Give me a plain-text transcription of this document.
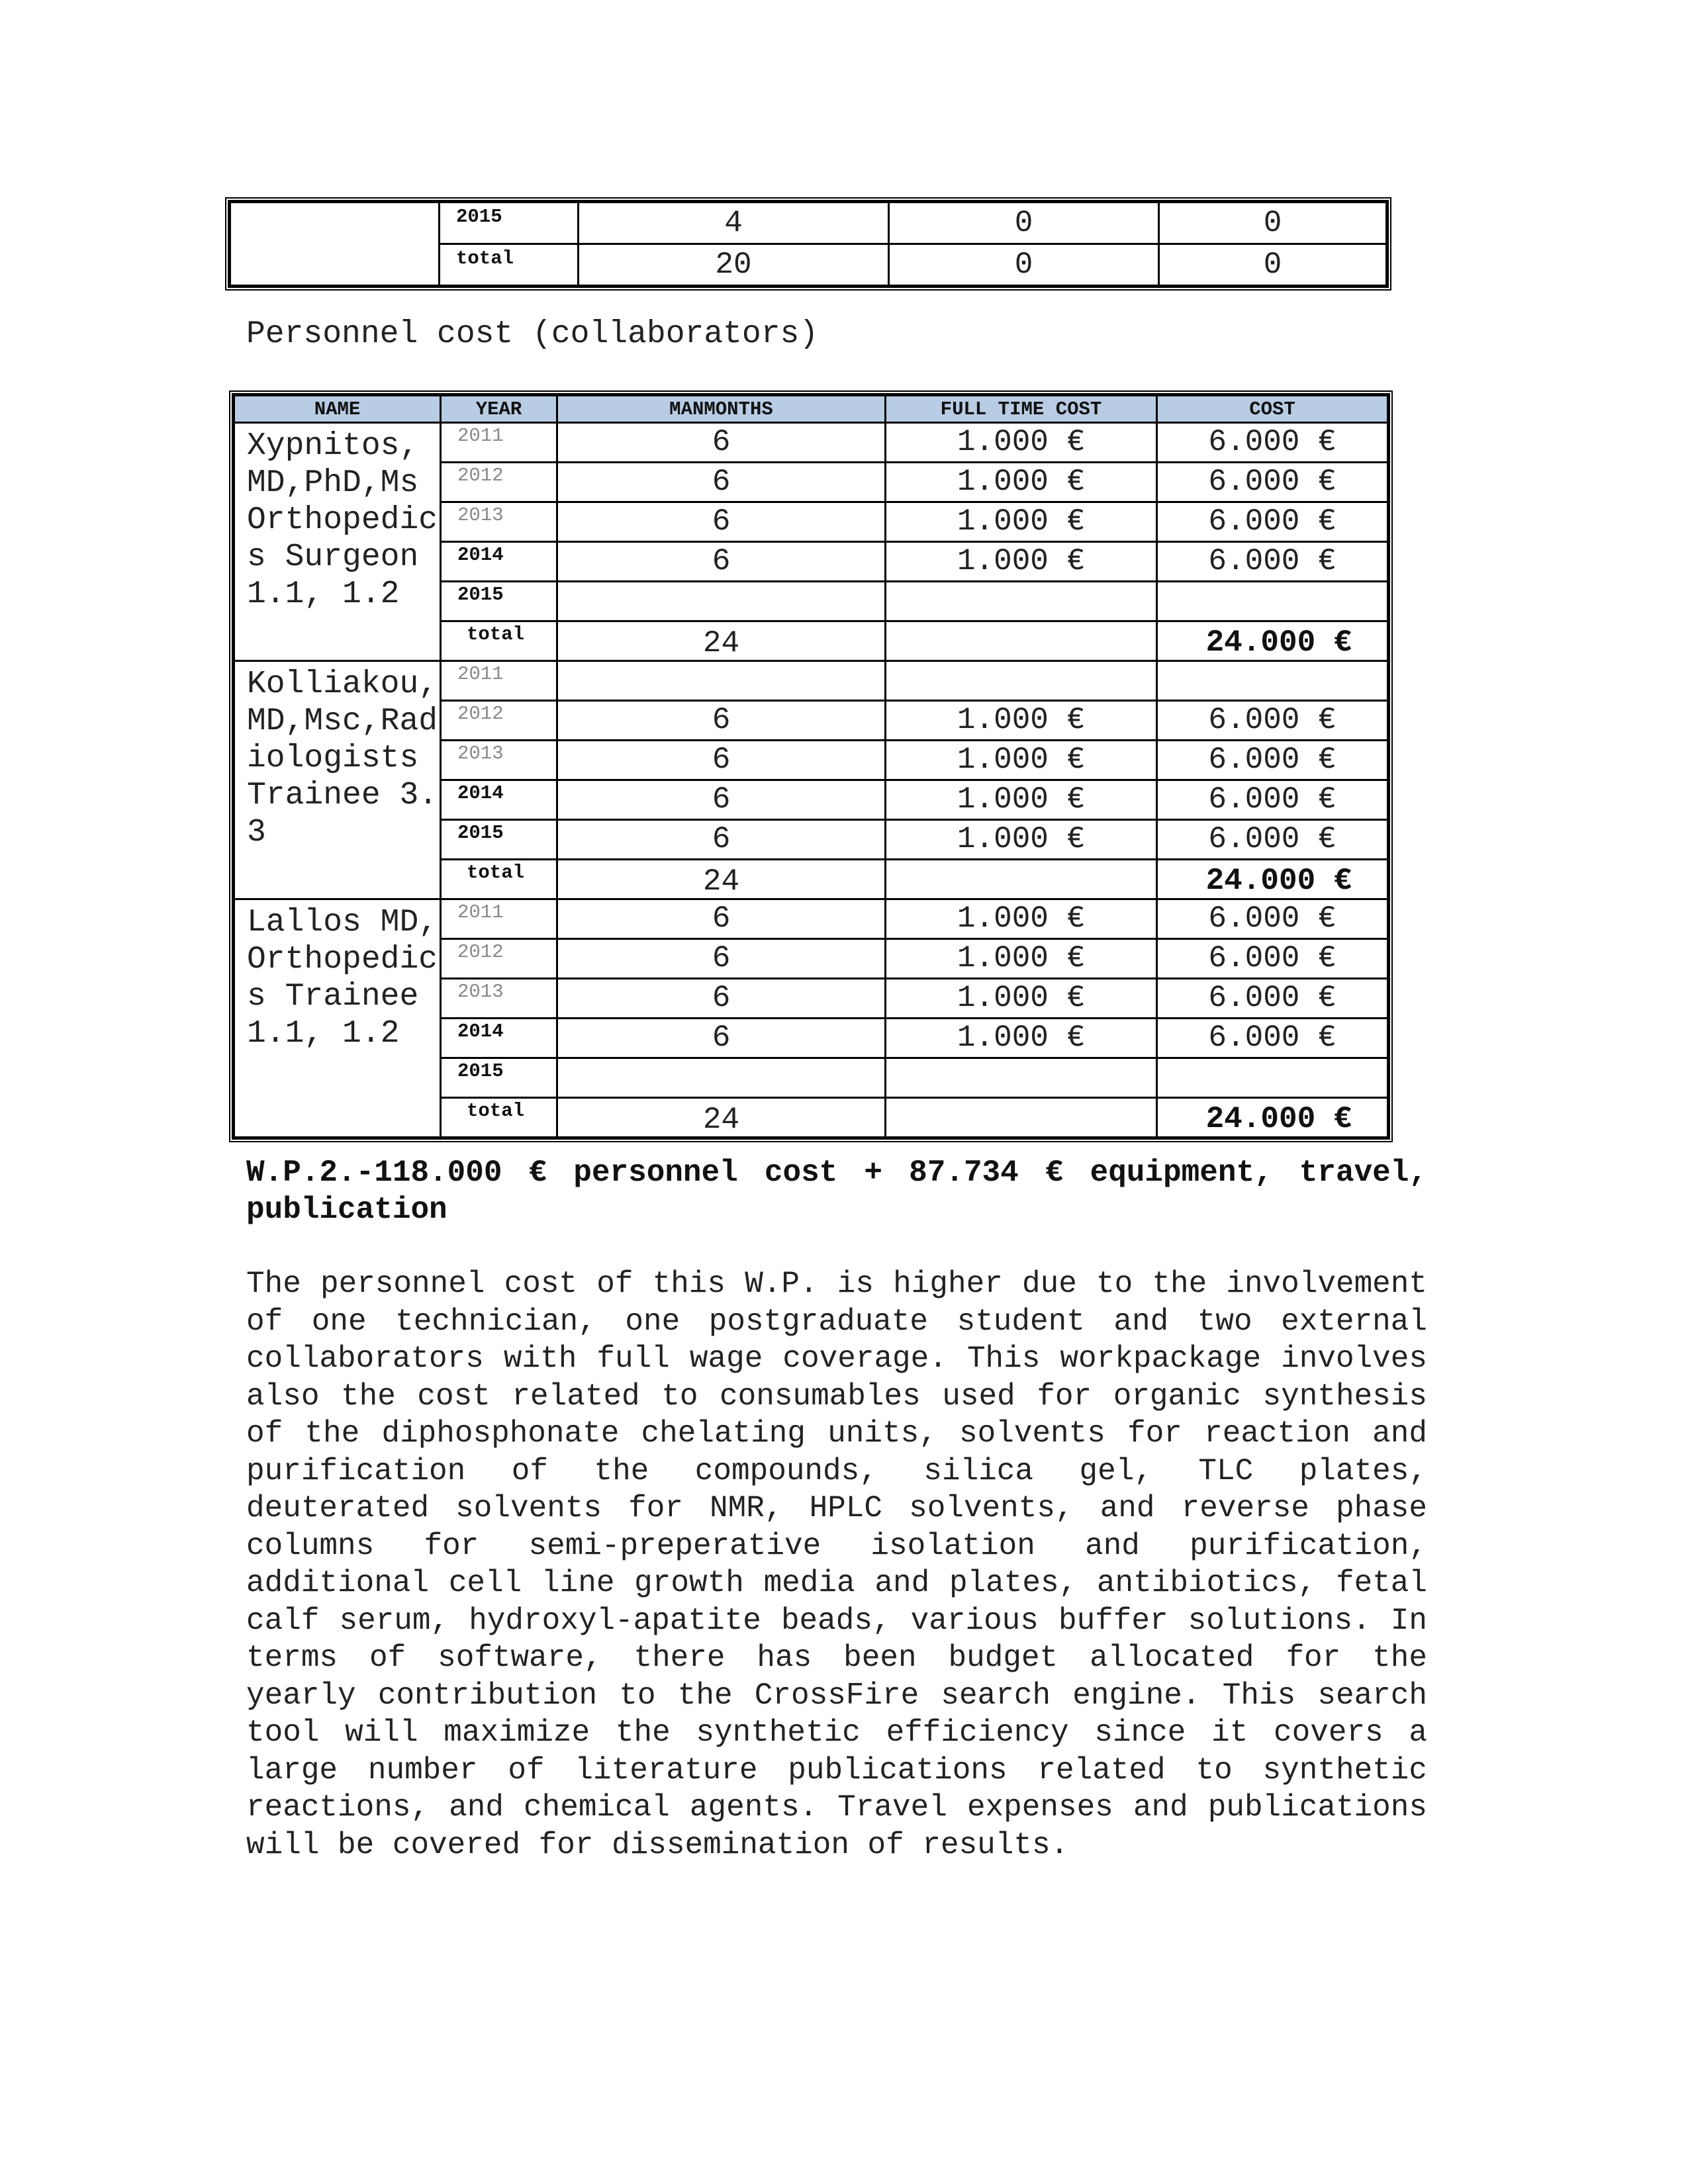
	2015	4	0	0
	total	20	0	0
Personnel cost (collaborators)
NAME	YEAR	MANMONTHS	FULL TIME COST	COST
Xypnitos, MD,PhD,Ms Orthopedics Surgeon 1.1, 1.2	2011	6	1.000 €	6.000 €
	2012	6	1.000 €	6.000 €
	2013	6	1.000 €	6.000 €
	2014	6	1.000 €	6.000 €
	2015			
	total	24		24.000 €
Kolliakou, MD,Msc,Radiologists Trainee 3.3	2011			
	2012	6	1.000 €	6.000 €
	2013	6	1.000 €	6.000 €
	2014	6	1.000 €	6.000 €
	2015	6	1.000 €	6.000 €
	total	24		24.000 €
Lallos MD, Orthopedics Trainee 1.1, 1.2	2011	6	1.000 €	6.000 €
	2012	6	1.000 €	6.000 €
	2013	6	1.000 €	6.000 €
	2014	6	1.000 €	6.000 €
	2015			
	total	24		24.000 €
W.P.2.-118.000 € personnel cost + 87.734 € equipment, travel, publication
The personnel cost of this W.P. is higher due to the involvement of one technician, one postgraduate student and two external collaborators with full wage coverage. This workpackage involves also the cost related to consumables used for organic synthesis of the diphosphonate chelating units, solvents for reaction and purification of the compounds, silica gel, TLC plates, deuterated solvents for NMR, HPLC solvents, and reverse phase columns for semi-preperative isolation and purification, additional cell line growth media and plates, antibiotics, fetal calf serum, hydroxyl-apatite beads, various buffer solutions. In terms of software, there has been budget allocated for the yearly contribution to the CrossFire search engine. This search tool will maximize the synthetic efficiency since it covers a large number of literature publications related to synthetic reactions, and chemical agents. Travel expenses and publications will be covered for dissemination of results.
